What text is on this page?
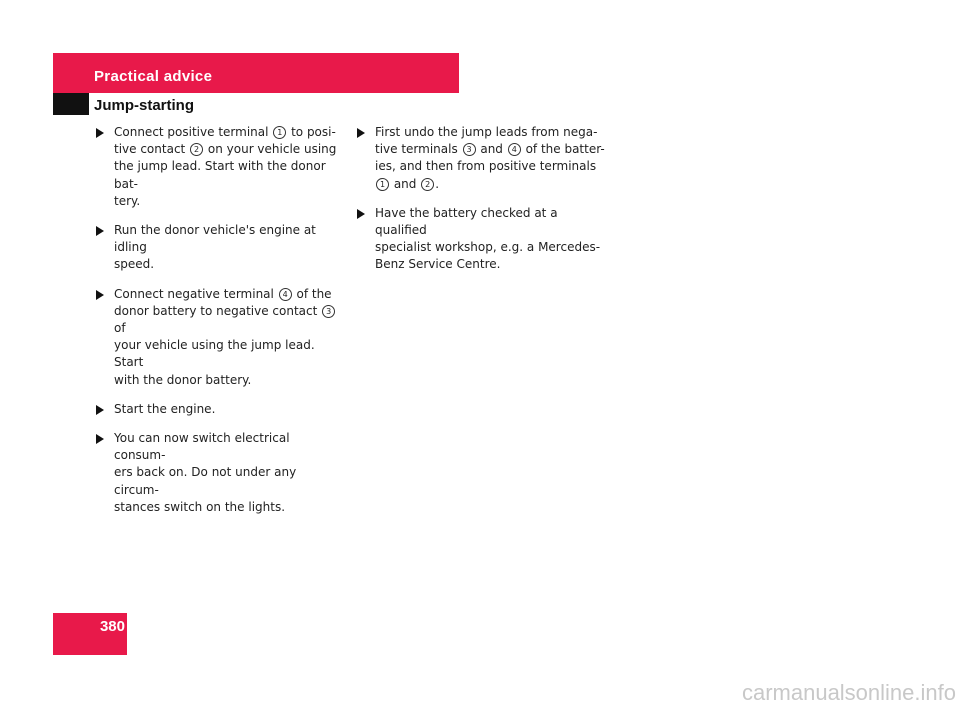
Practical advice
Jump-starting
Connect positive terminal 1 to posi-
tive contact 2 on your vehicle using
the jump lead. Start with the donor bat-
tery.
Run the donor vehicle's engine at idling
speed.
Connect negative terminal 4 of the
donor battery to negative contact 3 of
your vehicle using the jump lead. Start
with the donor battery.
Start the engine.
You can now switch electrical consum-
ers back on. Do not under any circum-
stances switch on the lights.
First undo the jump leads from nega-
tive terminals 3 and 4 of the batter-
ies, and then from positive terminals
1 and 2 .
Have the battery checked at a qualified
specialist workshop, e.g. a Mercedes-
Benz Service Centre.
380
carmanualsonline.info
